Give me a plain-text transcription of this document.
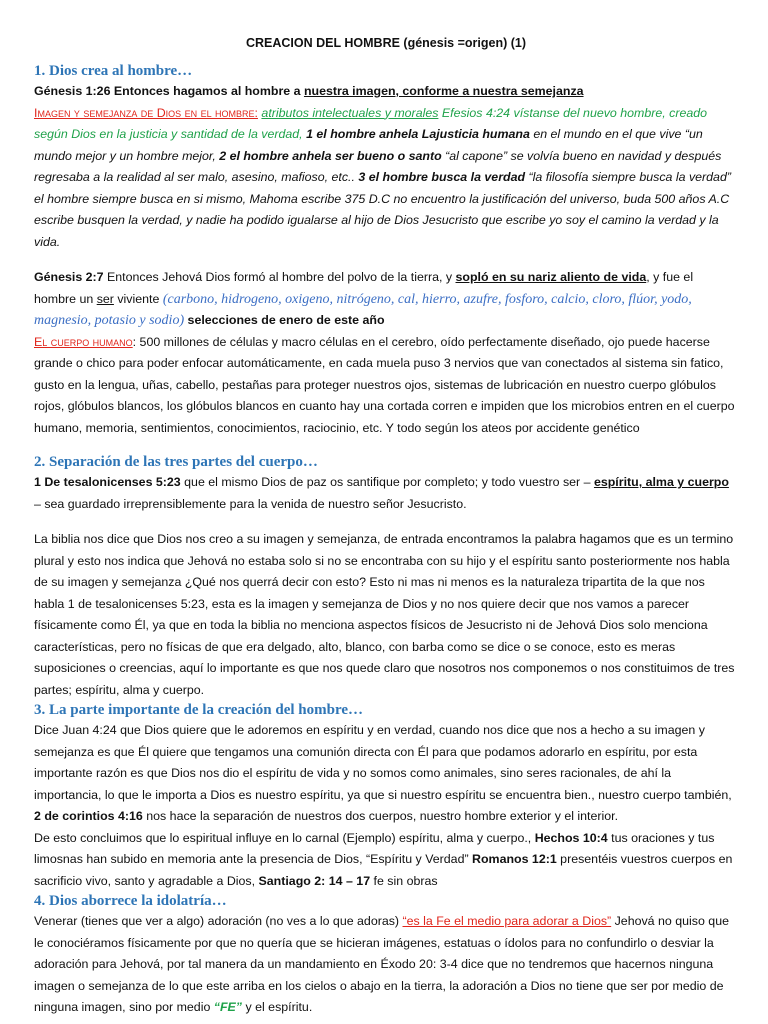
CREACION DEL HOMBRE (génesis =origen) (1)
1. Dios crea al hombre…

Génesis 1:26 Entonces hagamos al hombre a nuestra imagen, conforme a nuestra semejanza

Imagen y semejanza de Dios en el hombre: atributos intelectuales y morales Efesios 4:24 vístanse del nuevo hombre, creado según Dios en la justicia y santidad de la verdad, 1 el hombre anhela Lajusticia humana en el mundo en el que vive “un mundo mejor y un hombre mejor, 2 el hombre anhela ser bueno o santo “al capone” se volvía bueno en navidad y después regresaba a la realidad al ser malo, asesino, mafioso, etc.. 3 el hombre busca la verdad “la filosofía siempre busca la verdad” el hombre siempre busca en si mismo, Mahoma escribe 375 D.C no encuentro la justificación del universo, buda 500 años A.C escribe busquen la verdad, y nadie ha podido igualarse al hijo de Dios Jesucristo que escribe yo soy el camino la verdad y la vida.

Génesis 2:7 Entonces Jehová Dios formó al hombre del polvo de la tierra, y sopló en su nariz aliento de vida, y fue el hombre un ser viviente (carbono, hidrogeno, oxigeno, nitrógeno, cal, hierro, azufre, fosforo, calcio, cloro, flúor, yodo, magnesio, potasio y sodio) selecciones de enero de este año
El cuerpo humano: 500 millones de células y macro células en el cerebro, oído perfectamente diseñado, ojo puede hacerse grande o chico para poder enfocar automáticamente, en cada muela puso 3 nervios que van conectados al sistema sin fatico, gusto en la lengua, uñas, cabello, pestañas para proteger nuestros ojos, sistemas de lubricación en nuestro cuerpo glóbulos rojos, glóbulos blancos, los glóbulos blancos en cuanto hay una cortada corren e impiden que los microbios entren en el cuerpo humano, memoria, sentimientos, conocimientos, raciocinio, etc. Y todo según los ateos por accidente genético

2. Separación de las tres partes del cuerpo…

1 De tesalonicenses 5:23 que el mismo Dios de paz os santifique por completo; y todo vuestro ser – espíritu, alma y cuerpo – sea guardado irreprensiblemente para la venida de nuestro señor Jesucristo.

La biblia nos dice que Dios nos creo a su imagen y semejanza, de entrada encontramos la palabra hagamos que es un termino plural y esto nos indica que Jehová no estaba solo si no se encontraba con su hijo y el espíritu santo posteriormente nos habla de su imagen y semejanza ¿Qué nos querrá decir con esto? Esto ni mas ni menos es la naturaleza tripartita de la que nos habla 1 de tesalonicenses 5:23, esta es la imagen y semejanza de Dios y no nos quiere decir que nos vamos a parecer físicamente como Él, ya que en toda la biblia no menciona aspectos físicos de Jesucristo ni de Jehová Dios solo menciona características, pero no físicas de que era delgado, alto, blanco, con barba como se dice o se conoce, esto es meras suposiciones o creencias, aquí lo importante es que nos quede claro que nosotros nos componemos o nos constituimos de tres partes; espíritu, alma y cuerpo.

3. La parte importante de la creación del hombre…

Dice Juan 4:24 que Dios quiere que le adoremos en espíritu y en verdad, cuando nos dice que nos a hecho a su imagen y semejanza es que Él quiere que tengamos una comunión directa con Él para que podamos adorarlo en espíritu, por esta importante razón es que Dios nos dio el espíritu de vida y no somos como animales, sino seres racionales, de ahí la importancia, lo que le importa a Dios es nuestro espíritu, ya que si nuestro espíritu se encuentra bien., nuestro cuerpo también, 2 de corintios 4:16 nos hace la separación de nuestros dos cuerpos, nuestro hombre exterior y el interior.
De esto concluimos que lo espiritual influye en lo carnal (Ejemplo) espíritu, alma y cuerpo., Hechos 10:4 tus oraciones y tus limosnas han subido en memoria ante la presencia de Dios, “Espíritu y Verdad” Romanos 12:1 presentéis vuestros cuerpos en sacrificio vivo, santo y agradable a Dios, Santiago 2: 14 – 17 fe sin obras

4. Dios aborrece la idolatría…

Venerar (tienes que ver a algo) adoración (no ves a lo que adoras) “es la Fe el medio para adorar a Dios” Jehová no quiso que le conociéramos físicamente por que no quería que se hicieran imágenes, estatuas o ídolos para no confundirlo o desviar la adoración para Jehová, por tal manera da un mandamiento en Éxodo 20: 3-4 dice que no tendremos que hacernos ninguna imagen o semejanza de lo que este arriba en los cielos o abajo en la tierra, la adoración a Dios no tiene que ser por medio de ninguna imagen, sino por medio “FE” y el espíritu.
